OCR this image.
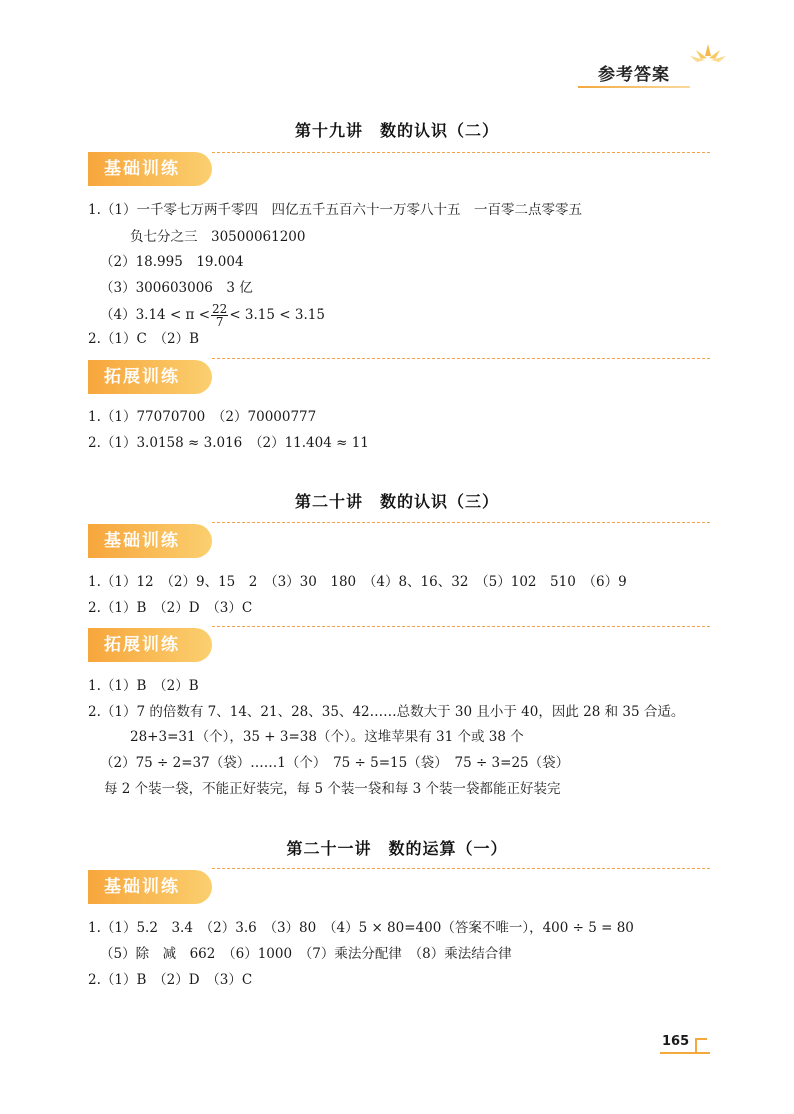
参考答案
第十九讲　数的认识（二）
基础训练
1.（1）一千零七万两千零四　四亿五千五百六十一万零八十五　一百零二点零零五
负七分之三　30500061200
（2）18.995　19.004
（3）300603006　3 亿
$(4)3.14 < \pi < \frac{22}{7} < 3.15$ < 3.15̇
2.（1）C　（2）B
拓展训练
1.（1）77070700　（2）70000777
2.（1）3.0158 ≈ 3.016　（2）11.404 ≈ 11
第二十讲　数的认识（三）
基础训练
1.（1）12　（2）9、15　2　（3）30　180　（4）8、16、32　（5）102　510　（6）9
2.（1）B　（2）D　（3）C
拓展训练
1.（1）B　（2）B
2.（1）7 的倍数有 7、14、21、28、35、42……总数大于 30 且小于 40，因此 28 和 35 合适。
28+3=31（个），35 + 3=38（个）。这堆苹果有 31 个或 38 个
（2）75 ÷ 2=37（袋）……1（个）　75 ÷ 5=15（袋）　75 ÷ 3=25（袋）
每 2 个装一袋，不能正好装完，每 5 个装一袋和每 3 个装一袋都能正好装完
第二十一讲　数的运算（一）
基础训练
1.（1）5.2　3.4　（2）3.6　（3）80　（4）5 × 80=400（答案不唯一），400 ÷ 5 = 80
（5）除　减　662　（6）1000　（7）乘法分配律　（8）乘法结合律
2.（1）B　（2）D　（3）C
165
